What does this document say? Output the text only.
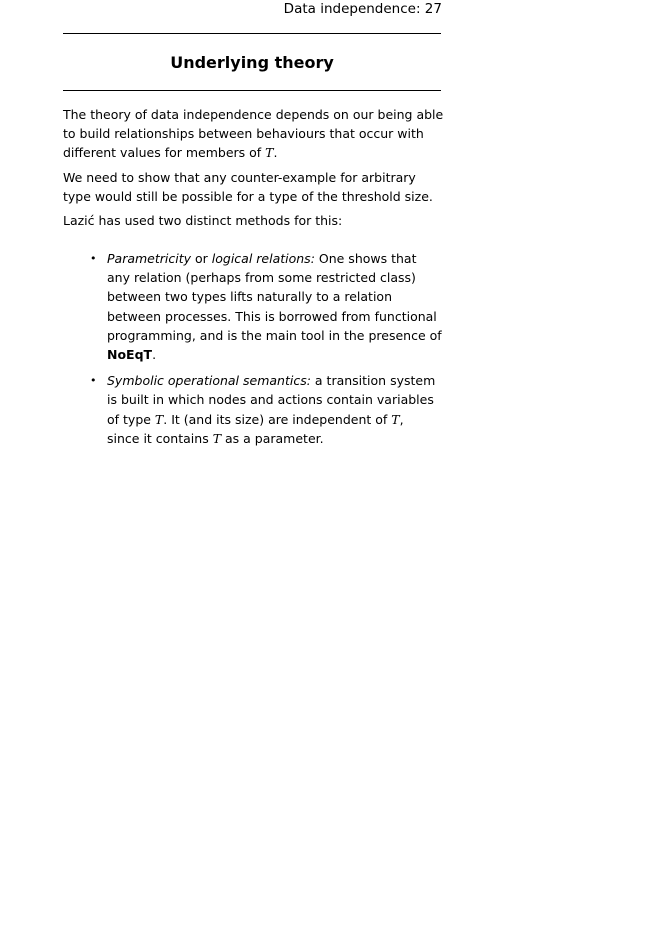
Data independence: 27
Underlying theory
The theory of data independence depends on our being able
to build relationships between behaviours that occur with
different values for members of T.
We need to show that any counter-example for arbitrary
type would still be possible for a type of the threshold size.
Lazić has used two distinct methods for this:
• Parametricity or logical relations: One shows that
any relation (perhaps from some restricted class)
between two types lifts naturally to a relation
between processes. This is borrowed from functional
programming, and is the main tool in the presence of
NoEqT.
• Symbolic operational semantics: a transition system
is built in which nodes and actions contain variables
of type T. It (and its size) are independent of T,
since it contains T as a parameter.
